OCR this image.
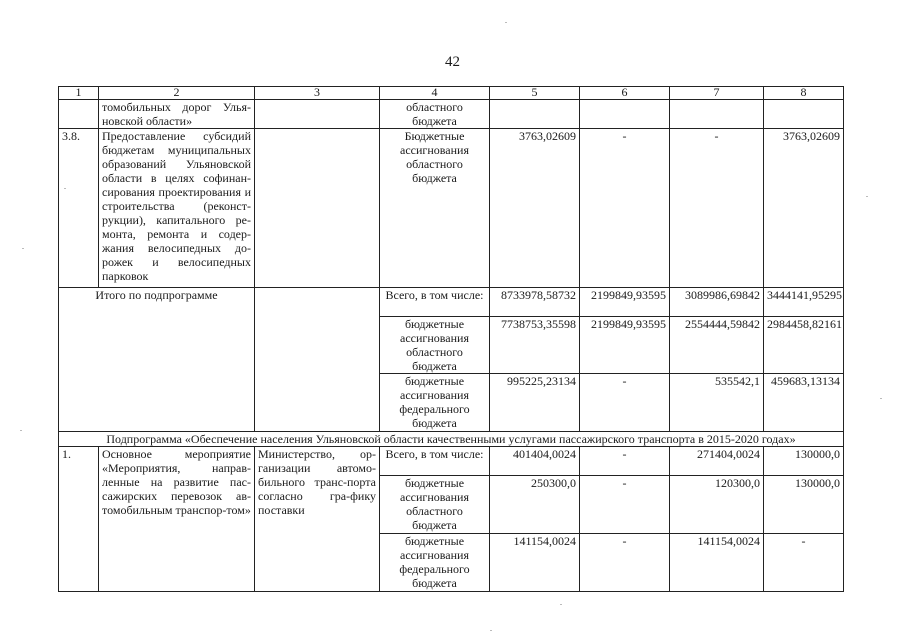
42
1	2	3	4	5	6	7	8
	томобильных дорог Улья-новской области»		областного бюджета				
3.8.	Предоставление субсидий бюджетам муниципальных образований Ульяновской области в целях софинан-сирования проектирования и строительства (реконст-рукции), капитального ре-монта, ремонта и содер-жания велосипедных до-рожек и велосипедных парковок		Бюджетные ассигнования областного бюджета	3763,02609	-	-	3763,02609
Итого по подпрограмме			Всего, в том числе:	8733978,58732	2199849,93595	3089986,69842	3444141,95295
			бюджетные ассигнования областного бюджета	7738753,35598	2199849,93595	2554444,59842	2984458,82161
			бюджетные ассигнования федерального бюджета	995225,23134	-	535542,1	459683,13134
Подпрограмма «Обеспечение населения Ульяновской области качественными услугами пассажирского транспорта в 2015-2020 годах»							
1.	Основное мероприятие «Мероприятия, направ-ленные на развитие пас-сажирских перевозок ав-томобильным транспор-том»	Министерство, ор-ганизации автомо-бильного транс-порта согласно гра-фику поставки	Всего, в том числе:	401404,0024	-	271404,0024	130000,0
			бюджетные ассигнования областного бюджета	250300,0	-	120300,0	130000,0
			бюджетные ассигнования федерального бюджета	141154,0024	-	141154,0024	-
